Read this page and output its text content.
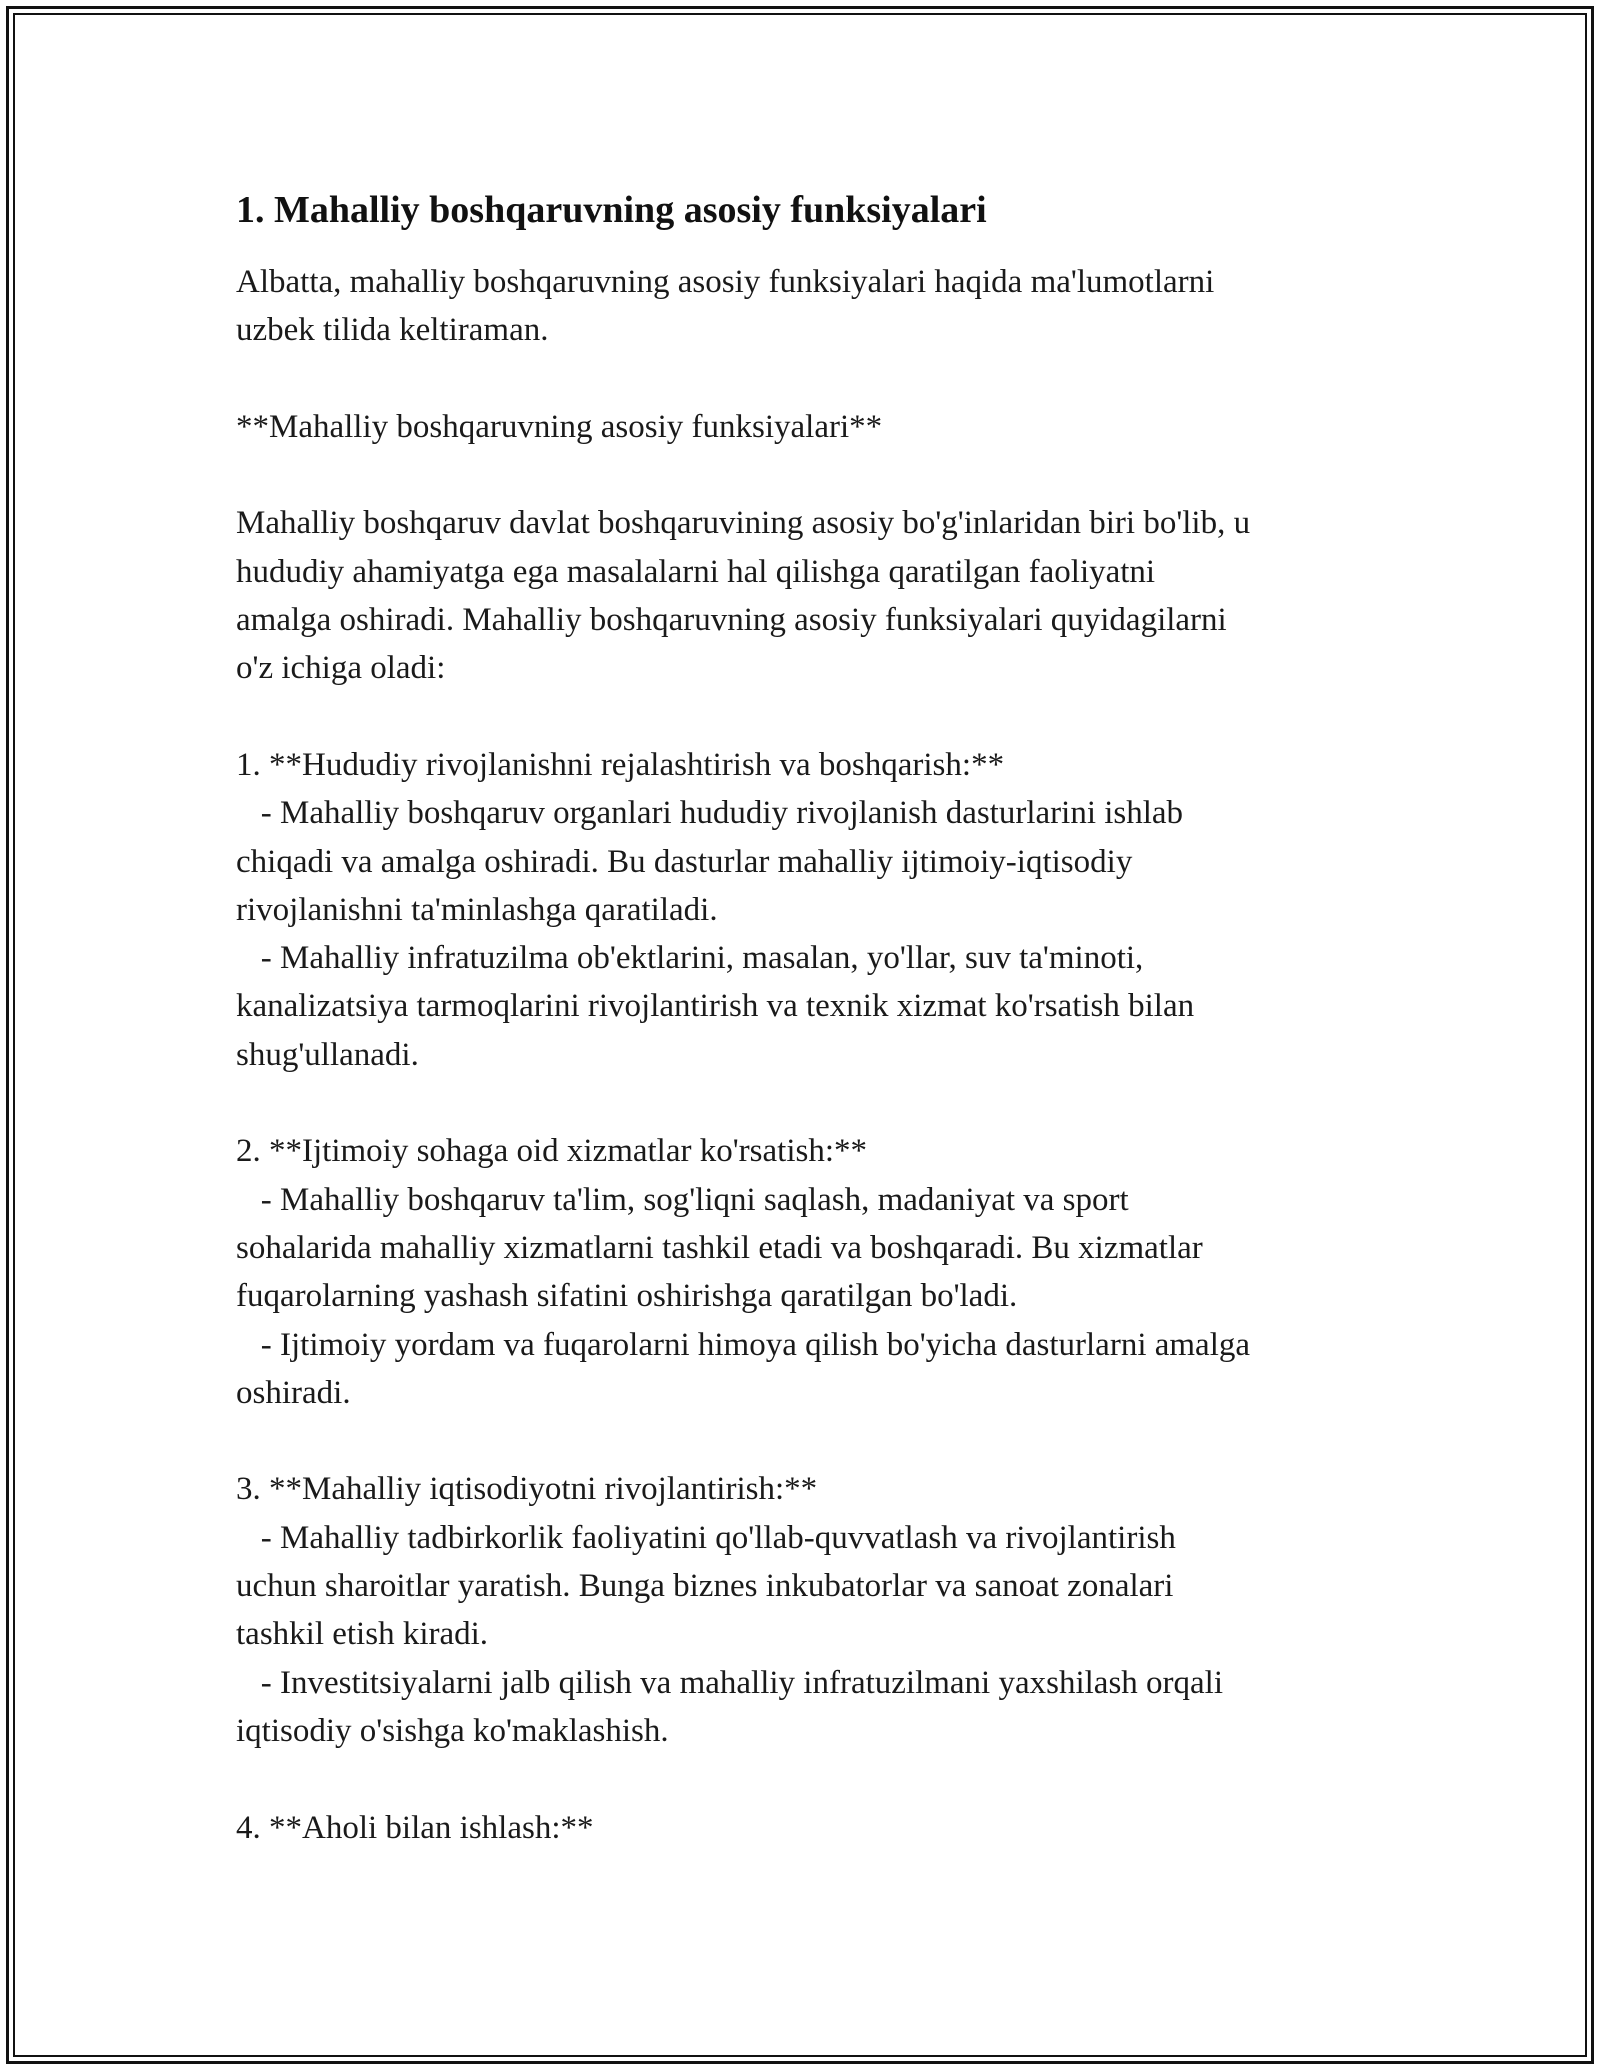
1. Mahalliy boshqaruvning asosiy funksiyalari
Albatta, mahalliy boshqaruvning asosiy funksiyalari haqida ma'lumotlarni
uzbek tilida keltiraman.

**Mahalliy boshqaruvning asosiy funksiyalari**

Mahalliy boshqaruv davlat boshqaruvining asosiy bo'g'inlaridan biri bo'lib, u
hududiy ahamiyatga ega masalalarni hal qilishga qaratilgan faoliyatni
amalga oshiradi. Mahalliy boshqaruvning asosiy funksiyalari quyidagilarni
o'z ichiga oladi:

1. **Hududiy rivojlanishni rejalashtirish va boshqarish:**
- Mahalliy boshqaruv organlari hududiy rivojlanish dasturlarini ishlab
chiqadi va amalga oshiradi. Bu dasturlar mahalliy ijtimoiy-iqtisodiy
rivojlanishni ta'minlashga qaratiladi.
- Mahalliy infratuzilma ob'ektlarini, masalan, yo'llar, suv ta'minoti,
kanalizatsiya tarmoqlarini rivojlantirish va texnik xizmat ko'rsatish bilan
shug'ullanadi.

2. **Ijtimoiy sohaga oid xizmatlar ko'rsatish:**
- Mahalliy boshqaruv ta'lim, sog'liqni saqlash, madaniyat va sport
sohalarida mahalliy xizmatlarni tashkil etadi va boshqaradi. Bu xizmatlar
fuqarolarning yashash sifatini oshirishga qaratilgan bo'ladi.
- Ijtimoiy yordam va fuqarolarni himoya qilish bo'yicha dasturlarni amalga
oshiradi.

3. **Mahalliy iqtisodiyotni rivojlantirish:**
- Mahalliy tadbirkorlik faoliyatini qo'llab-quvvatlash va rivojlantirish
uchun sharoitlar yaratish. Bunga biznes inkubatorlar va sanoat zonalari
tashkil etish kiradi.
- Investitsiyalarni jalb qilish va mahalliy infratuzilmani yaxshilash orqali
iqtisodiy o'sishga ko'maklashish.

4. **Aholi bilan ishlash:**
